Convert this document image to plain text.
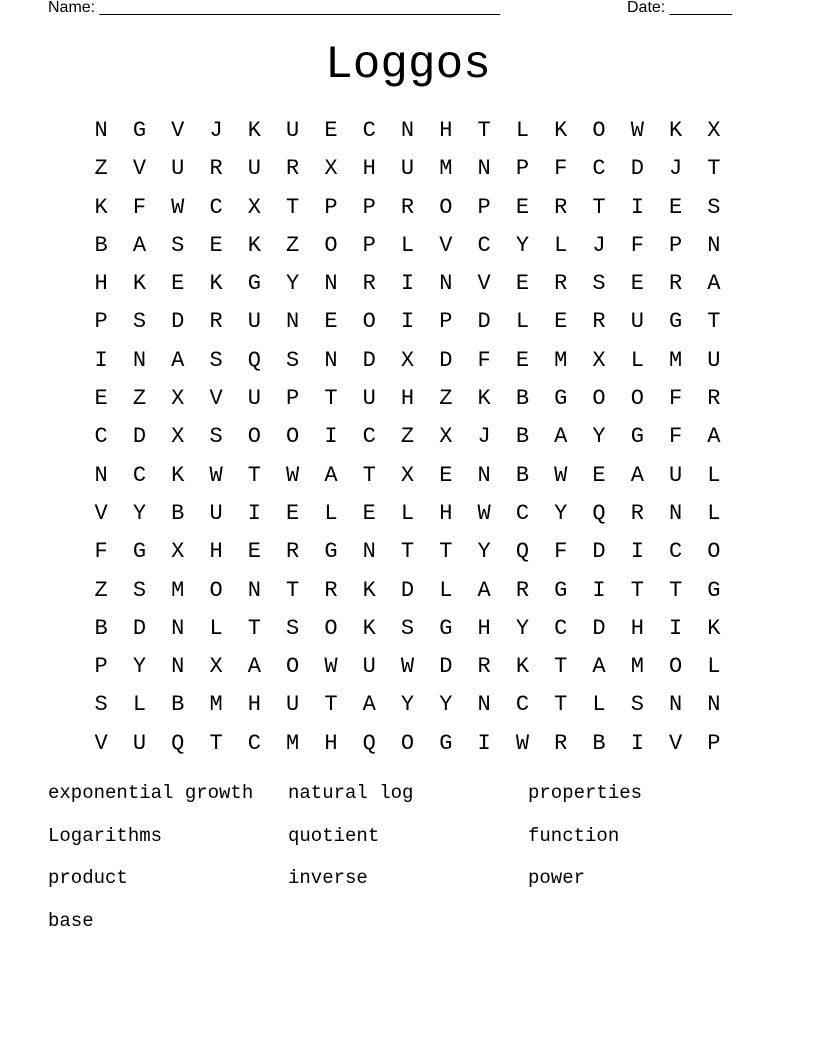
Name: _____________________________________________	Date: _______
Loggos
N	G	V	J	K	U	E	C	N	H	T	L	K	O	W	K	X
Z	V	U	R	U	R	X	H	U	M	N	P	F	C	D	J	T
K	F	W	C	X	T	P	P	R	O	P	E	R	T	I	E	S
B	A	S	E	K	Z	O	P	L	V	C	Y	L	J	F	P	N
H	K	E	K	G	Y	N	R	I	N	V	E	R	S	E	R	A
P	S	D	R	U	N	E	O	I	P	D	L	E	R	U	G	T
I	N	A	S	Q	S	N	D	X	D	F	E	M	X	L	M	U
E	Z	X	V	U	P	T	U	H	Z	K	B	G	O	O	F	R
C	D	X	S	O	O	I	C	Z	X	J	B	A	Y	G	F	A
N	C	K	W	T	W	A	T	X	E	N	B	W	E	A	U	L
V	Y	B	U	I	E	L	E	L	H	W	C	Y	Q	R	N	L
F	G	X	H	E	R	G	N	T	T	Y	Q	F	D	I	C	O
Z	S	M	O	N	T	R	K	D	L	A	R	G	I	T	T	G
B	D	N	L	T	S	O	K	S	G	H	Y	C	D	H	I	K
P	Y	N	X	A	O	W	U	W	D	R	K	T	A	M	O	L
S	L	B	M	H	U	T	A	Y	Y	N	C	T	L	S	N	N
V	U	Q	T	C	M	H	Q	O	G	I	W	R	B	I	V	P
exponential growth	natural log	properties
Logarithms	quotient	function
product	inverse	power
base
